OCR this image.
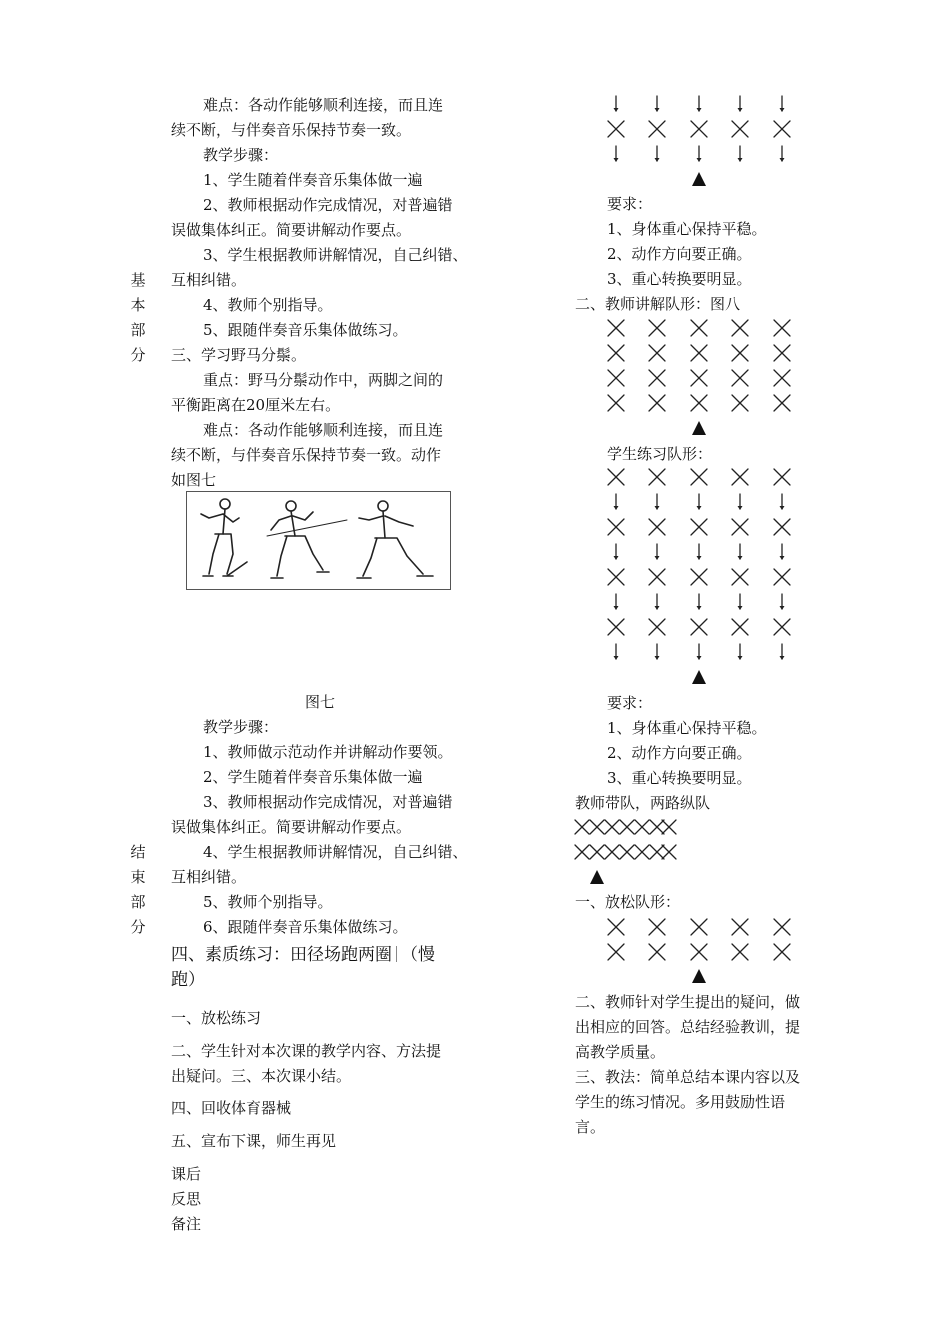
基
本
部
分
结
束
部
分
难点：各动作能够顺利连接，而且连
续不断，与伴奏音乐保持节奏一致。
教学步骤：
1、学生随着伴奏音乐集体做一遍
2、教师根据动作完成情况，对普遍错
误做集体纠正。简要讲解动作要点。
3、学生根据教师讲解情况，自己纠错、
互相纠错。
4、教师个别指导。
5、跟随伴奏音乐集体做练习。
三、学习野马分鬃。
重点：野马分鬃动作中，两脚之间的
平衡距离在20厘米左右。
难点：各动作能够顺利连接，而且连
续不断，与伴奏音乐保持节奏一致。动作
如图七
图七
教学步骤：
1、教师做示范动作并讲解动作要领。
2、学生随着伴奏音乐集体做一遍
3、教师根据动作完成情况，对普遍错
误做集体纠正。简要讲解动作要点。
4、学生根据教师讲解情况，自己纠错、
互相纠错。
5、教师个别指导。
6、跟随伴奏音乐集体做练习。
四、素质练习：田径场跑两圈 （慢
跑）
一、放松练习
二、学生针对本次课的教学内容、方法提
出疑问。三、本次课小结。
四、回收体育器械
五、宣布下课，师生再见
课后
反思
备注
要求：
1、身体重心保持平稳。
2、动作方向要正确。
3、重心转换要明显。
二、教师讲解队形：图八
学生练习队形：
要求：
1、身体重心保持平稳。
2、动作方向要正确。
3、重心转换要明显。
教师带队，两路纵队
一、放松队形：
二、教师针对学生提出的疑问，做
出相应的回答。总结经验教训，提
高教学质量。
三、教法：简单总结本课内容以及
学生的练习情况。多用鼓励性语
言。
